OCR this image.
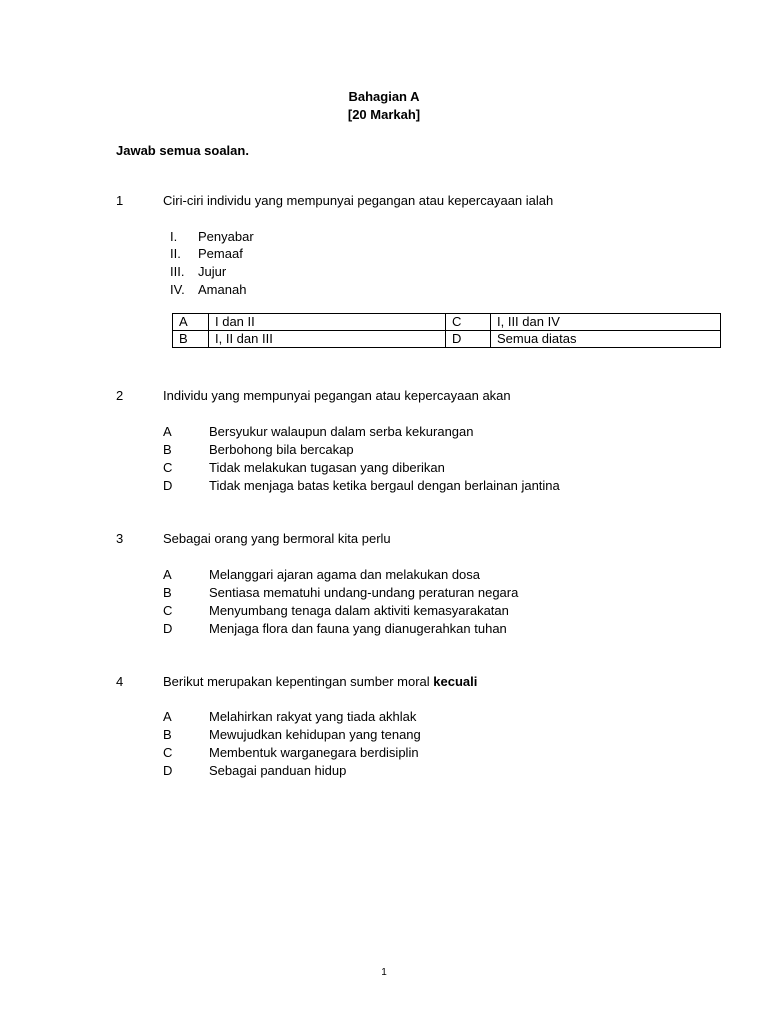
Bahagian A
[20 Markah]
Jawab semua soalan.
1	Ciri-ciri individu yang mempunyai pegangan atau kepercayaan ialah
I. Penyabar
II. Pemaaf
III. Jujur
IV. Amanah
A	I dan II	C	I, III dan IV
B	I, II dan III	D	Semua diatas
2	Individu yang mempunyai pegangan atau kepercayaan akan
A	Bersyukur walaupun dalam serba kekurangan
B	Berbohong bila bercakap
C	Tidak melakukan tugasan yang diberikan
D	Tidak menjaga batas ketika bergaul dengan berlainan jantina
3	Sebagai orang yang bermoral kita perlu
A	Melanggari ajaran agama dan melakukan dosa
B	Sentiasa mematuhi undang-undang peraturan negara
C	Menyumbang tenaga dalam aktiviti kemasyarakatan
D	Menjaga flora dan fauna yang dianugerahkan tuhan
4	Berikut merupakan kepentingan sumber moral kecuali
A	Melahirkan rakyat yang tiada akhlak
B	Mewujudkan kehidupan yang tenang
C	Membentuk warganegara berdisiplin
D	Sebagai panduan hidup
1
